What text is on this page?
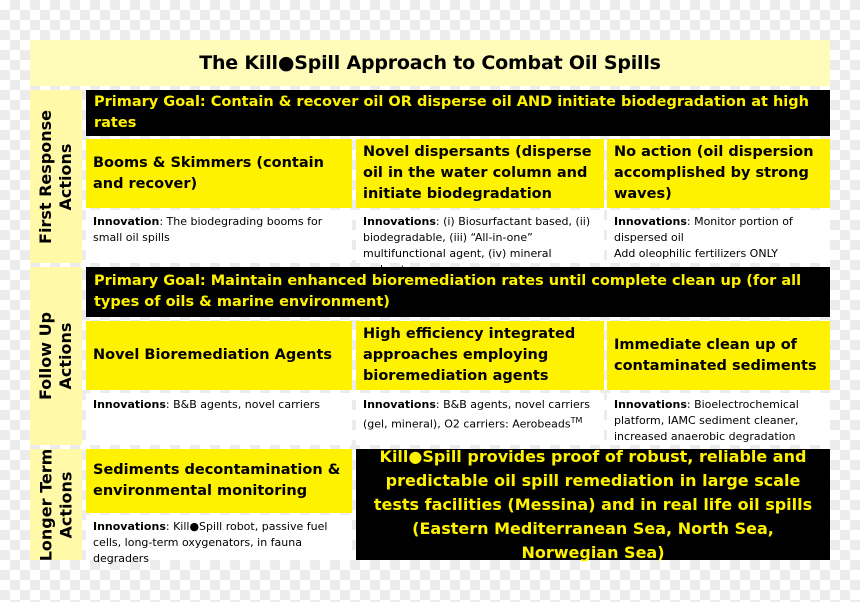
The Kill●Spill Approach to Combat Oil Spills
First Response Actions
Primary Goal: Contain & recover oil OR disperse oil AND initiate biodegradation at high rates
Booms & Skimmers (contain and recover)
Novel dispersants (disperse oil in the water column and initiate biodegradation
No action (oil dispersion accomplished by strong waves)
Innovation: The biodegrading booms for small oil spills
Innovations: (i) Biosurfactant based, (ii) biodegradable, (iii) “All-in-one” multifunctional agent, (iv) mineral
Innovations: Monitor portion of dispersed oil
Add oleophilic fertilizers ONLY
Follow Up Actions
Primary Goal: Maintain enhanced bioremediation rates until complete clean up (for all types of oils & marine environment)
Novel Bioremediation Agents
High efficiency integrated approaches employing bioremediation agents
Immediate clean up of contaminated sediments
Innovations: B&B agents, novel carriers	Innovations: B&B agents, novel carriers (gel, mineral), O2 carriers: Aerobeads™
Innovations: Bioelectrochemical platform, IAMC sediment cleaner, increased anaerobic degradation
Longer Term Actions
Sediments decontamination & environmental monitoring
Innovations: Kill●Spill robot, passive fuel cells, long-term oxygenators, in fauna degraders
Kill●Spill provides proof of robust, reliable and predictable oil spill remediation in large scale tests facilities (Messina) and in real life oil spills (Eastern Mediterranean Sea, North Sea, Norwegian Sea)
